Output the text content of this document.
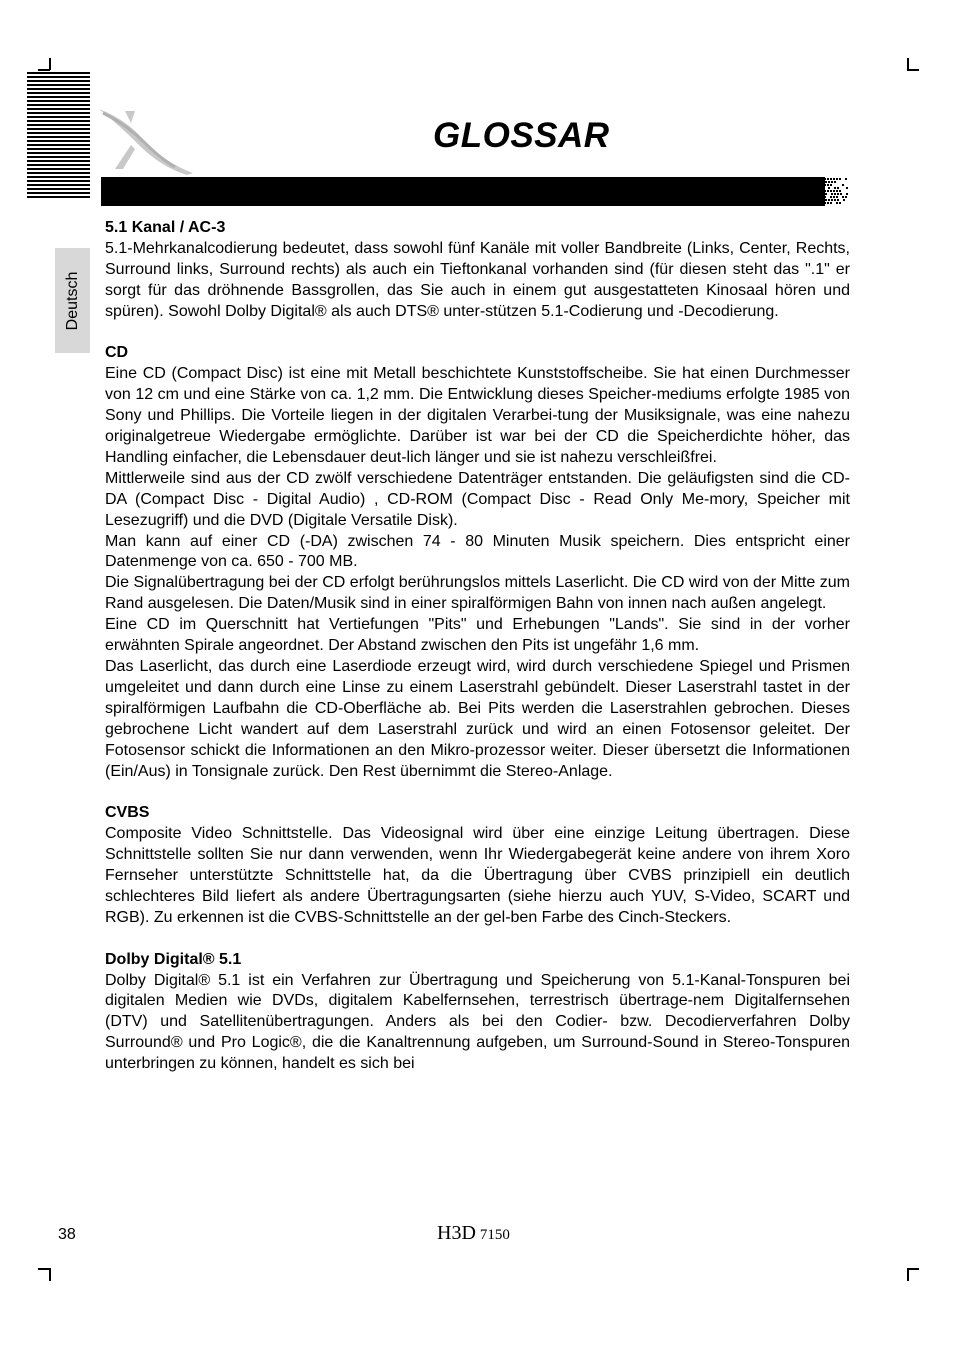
GLOSSAR
Deutsch
5.1 Kanal / AC-3

5.1-Mehrkanalcodierung bedeutet, dass sowohl fünf Kanäle mit voller Bandbreite (Links, Center, Rechts, Surround links, Surround rechts) als auch ein Tieftonkanal vorhanden sind (für diesen steht das ".1" er sorgt für das dröhnende Bassgrollen, das Sie auch in einem gut ausgestatteten Kinosaal hören und spüren). Sowohl Dolby Digital® als auch DTS® unter-stützen 5.1-Codierung und -Decodierung.

CD

Eine CD (Compact Disc) ist eine mit Metall beschichtete Kunststoffscheibe. Sie hat einen Durchmesser von 12 cm und eine Stärke von ca. 1,2 mm. Die Entwicklung dieses Speicher-mediums erfolgte 1985 von Sony und Phillips. Die Vorteile liegen in der digitalen Verarbei-tung der Musiksignale, was eine nahezu originalgetreue Wiedergabe ermöglichte. Darüber ist war bei der CD die Speicherdichte höher, das Handling einfacher, die Lebensdauer deut-lich länger und sie ist nahezu verschleißfrei.

Mittlerweile sind aus der CD zwölf verschiedene Datenträger entstanden. Die geläufigsten sind die CD-DA (Compact Disc - Digital Audio) , CD-ROM (Compact Disc - Read Only Me-mory, Speicher mit Lesezugriff) und die DVD (Digitale Versatile Disk).

Man kann auf einer CD (-DA) zwischen 74 - 80 Minuten Musik speichern. Dies entspricht einer Datenmenge von ca. 650 - 700 MB.

Die Signalübertragung bei der CD erfolgt berührungslos mittels Laserlicht. Die CD wird von der Mitte zum Rand ausgelesen. Die Daten/Musik sind in einer spiralförmigen Bahn von innen nach außen angelegt.

Eine CD im Querschnitt hat Vertiefungen "Pits" und Erhebungen "Lands". Sie sind in der vorher erwähnten Spirale angeordnet. Der Abstand zwischen den Pits ist ungefähr 1,6 mm.

Das Laserlicht, das durch eine Laserdiode erzeugt wird, wird durch verschiedene Spiegel und Prismen umgeleitet und dann durch eine Linse zu einem Laserstrahl gebündelt. Dieser Laserstrahl tastet in der spiralförmigen Laufbahn die CD-Oberfläche ab. Bei Pits werden die Laserstrahlen gebrochen. Dieses gebrochene Licht wandert auf dem Laserstrahl zurück und wird an einen Fotosensor geleitet. Der Fotosensor schickt die Informationen an den Mikro-prozessor weiter. Dieser übersetzt die Informationen (Ein/Aus) in Tonsignale zurück. Den Rest übernimmt die Stereo-Anlage.

CVBS

Composite Video Schnittstelle. Das Videosignal wird über eine einzige Leitung übertragen. Diese Schnittstelle sollten Sie nur dann verwenden, wenn Ihr Wiedergabegerät keine andere von ihrem Xoro Fernseher unterstützte Schnittstelle hat, da die Übertragung über CVBS prinzipiell ein deutlich schlechteres Bild liefert als andere Übertragungsarten (siehe hierzu auch YUV, S-Video, SCART und RGB). Zu erkennen ist die CVBS-Schnittstelle an der gel-ben Farbe des Cinch-Steckers.

Dolby Digital® 5.1

Dolby Digital® 5.1 ist ein Verfahren zur Übertragung und Speicherung von 5.1-Kanal-Tonspuren bei digitalen Medien wie DVDs, digitalem Kabelfernsehen, terrestrisch übertrage-nem Digitalfernsehen (DTV) und Satellitenübertragungen. Anders als bei den Codier- bzw. Decodierverfahren Dolby Surround® und Pro Logic®, die die Kanaltrennung aufgeben, um Surround-Sound in Stereo-Tonspuren unterbringen zu können, handelt es sich bei

38	H3D 7150
